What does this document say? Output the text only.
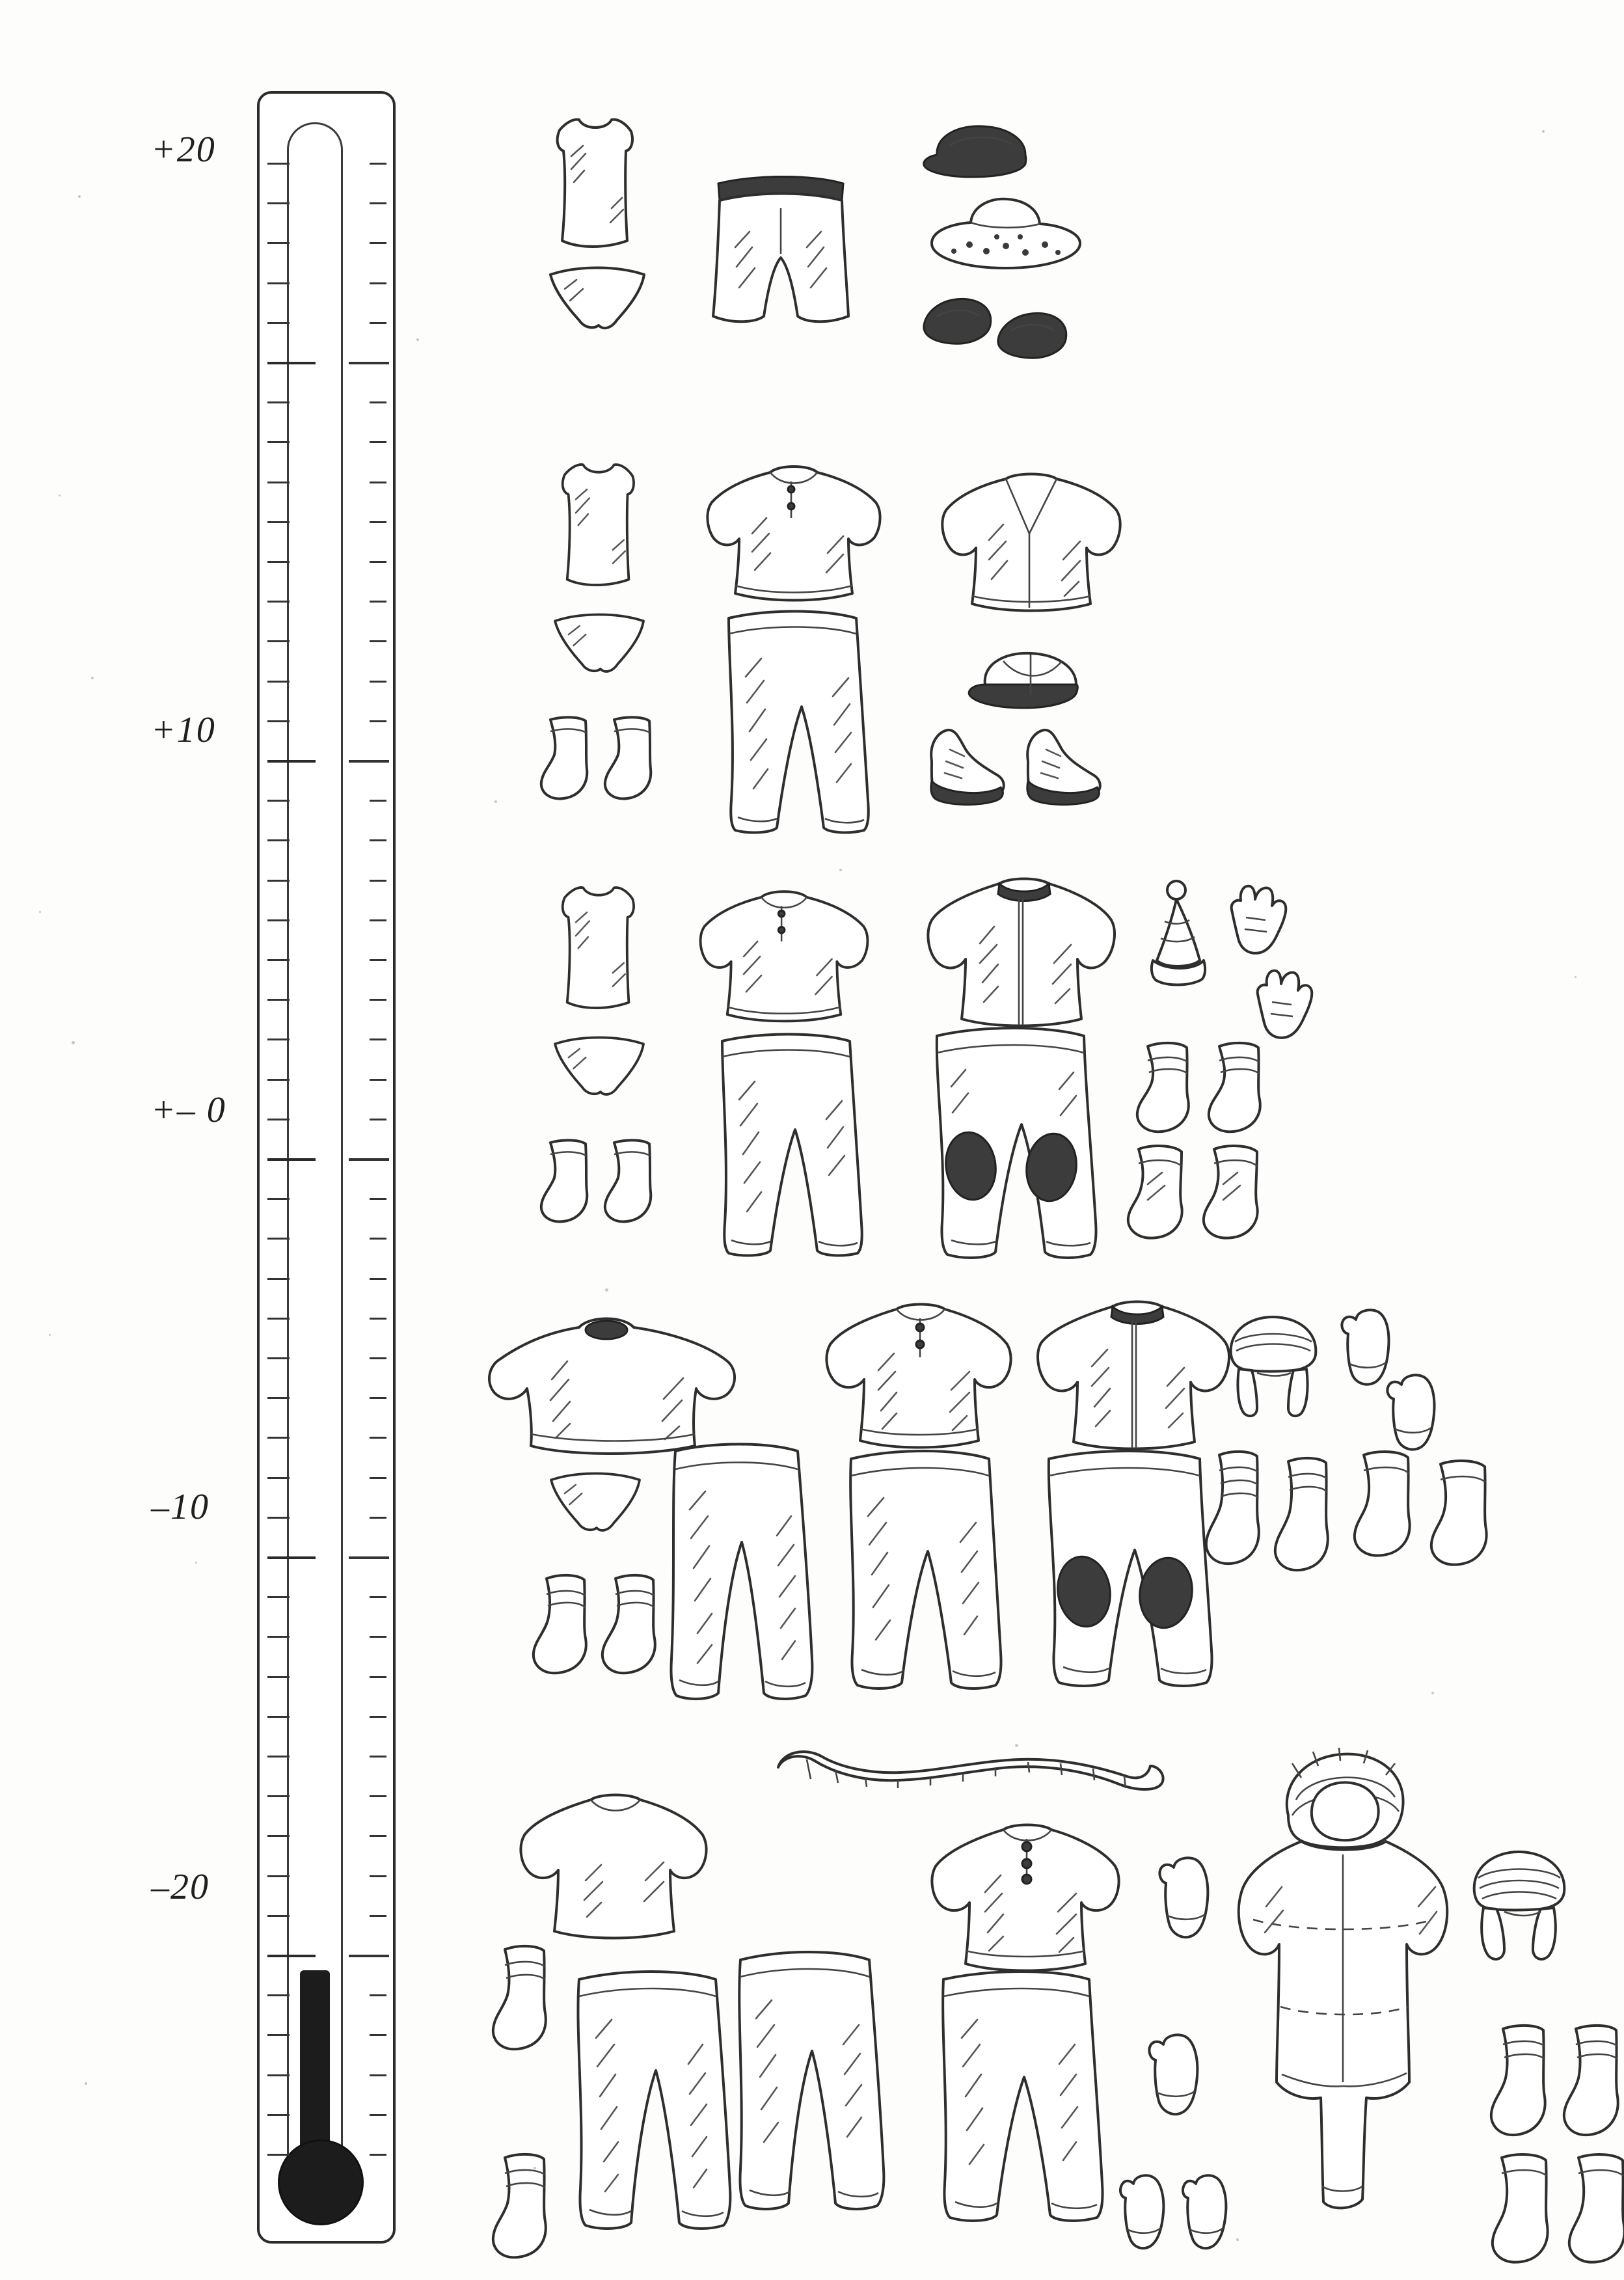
+20
+10
+– 0
–10
–20
